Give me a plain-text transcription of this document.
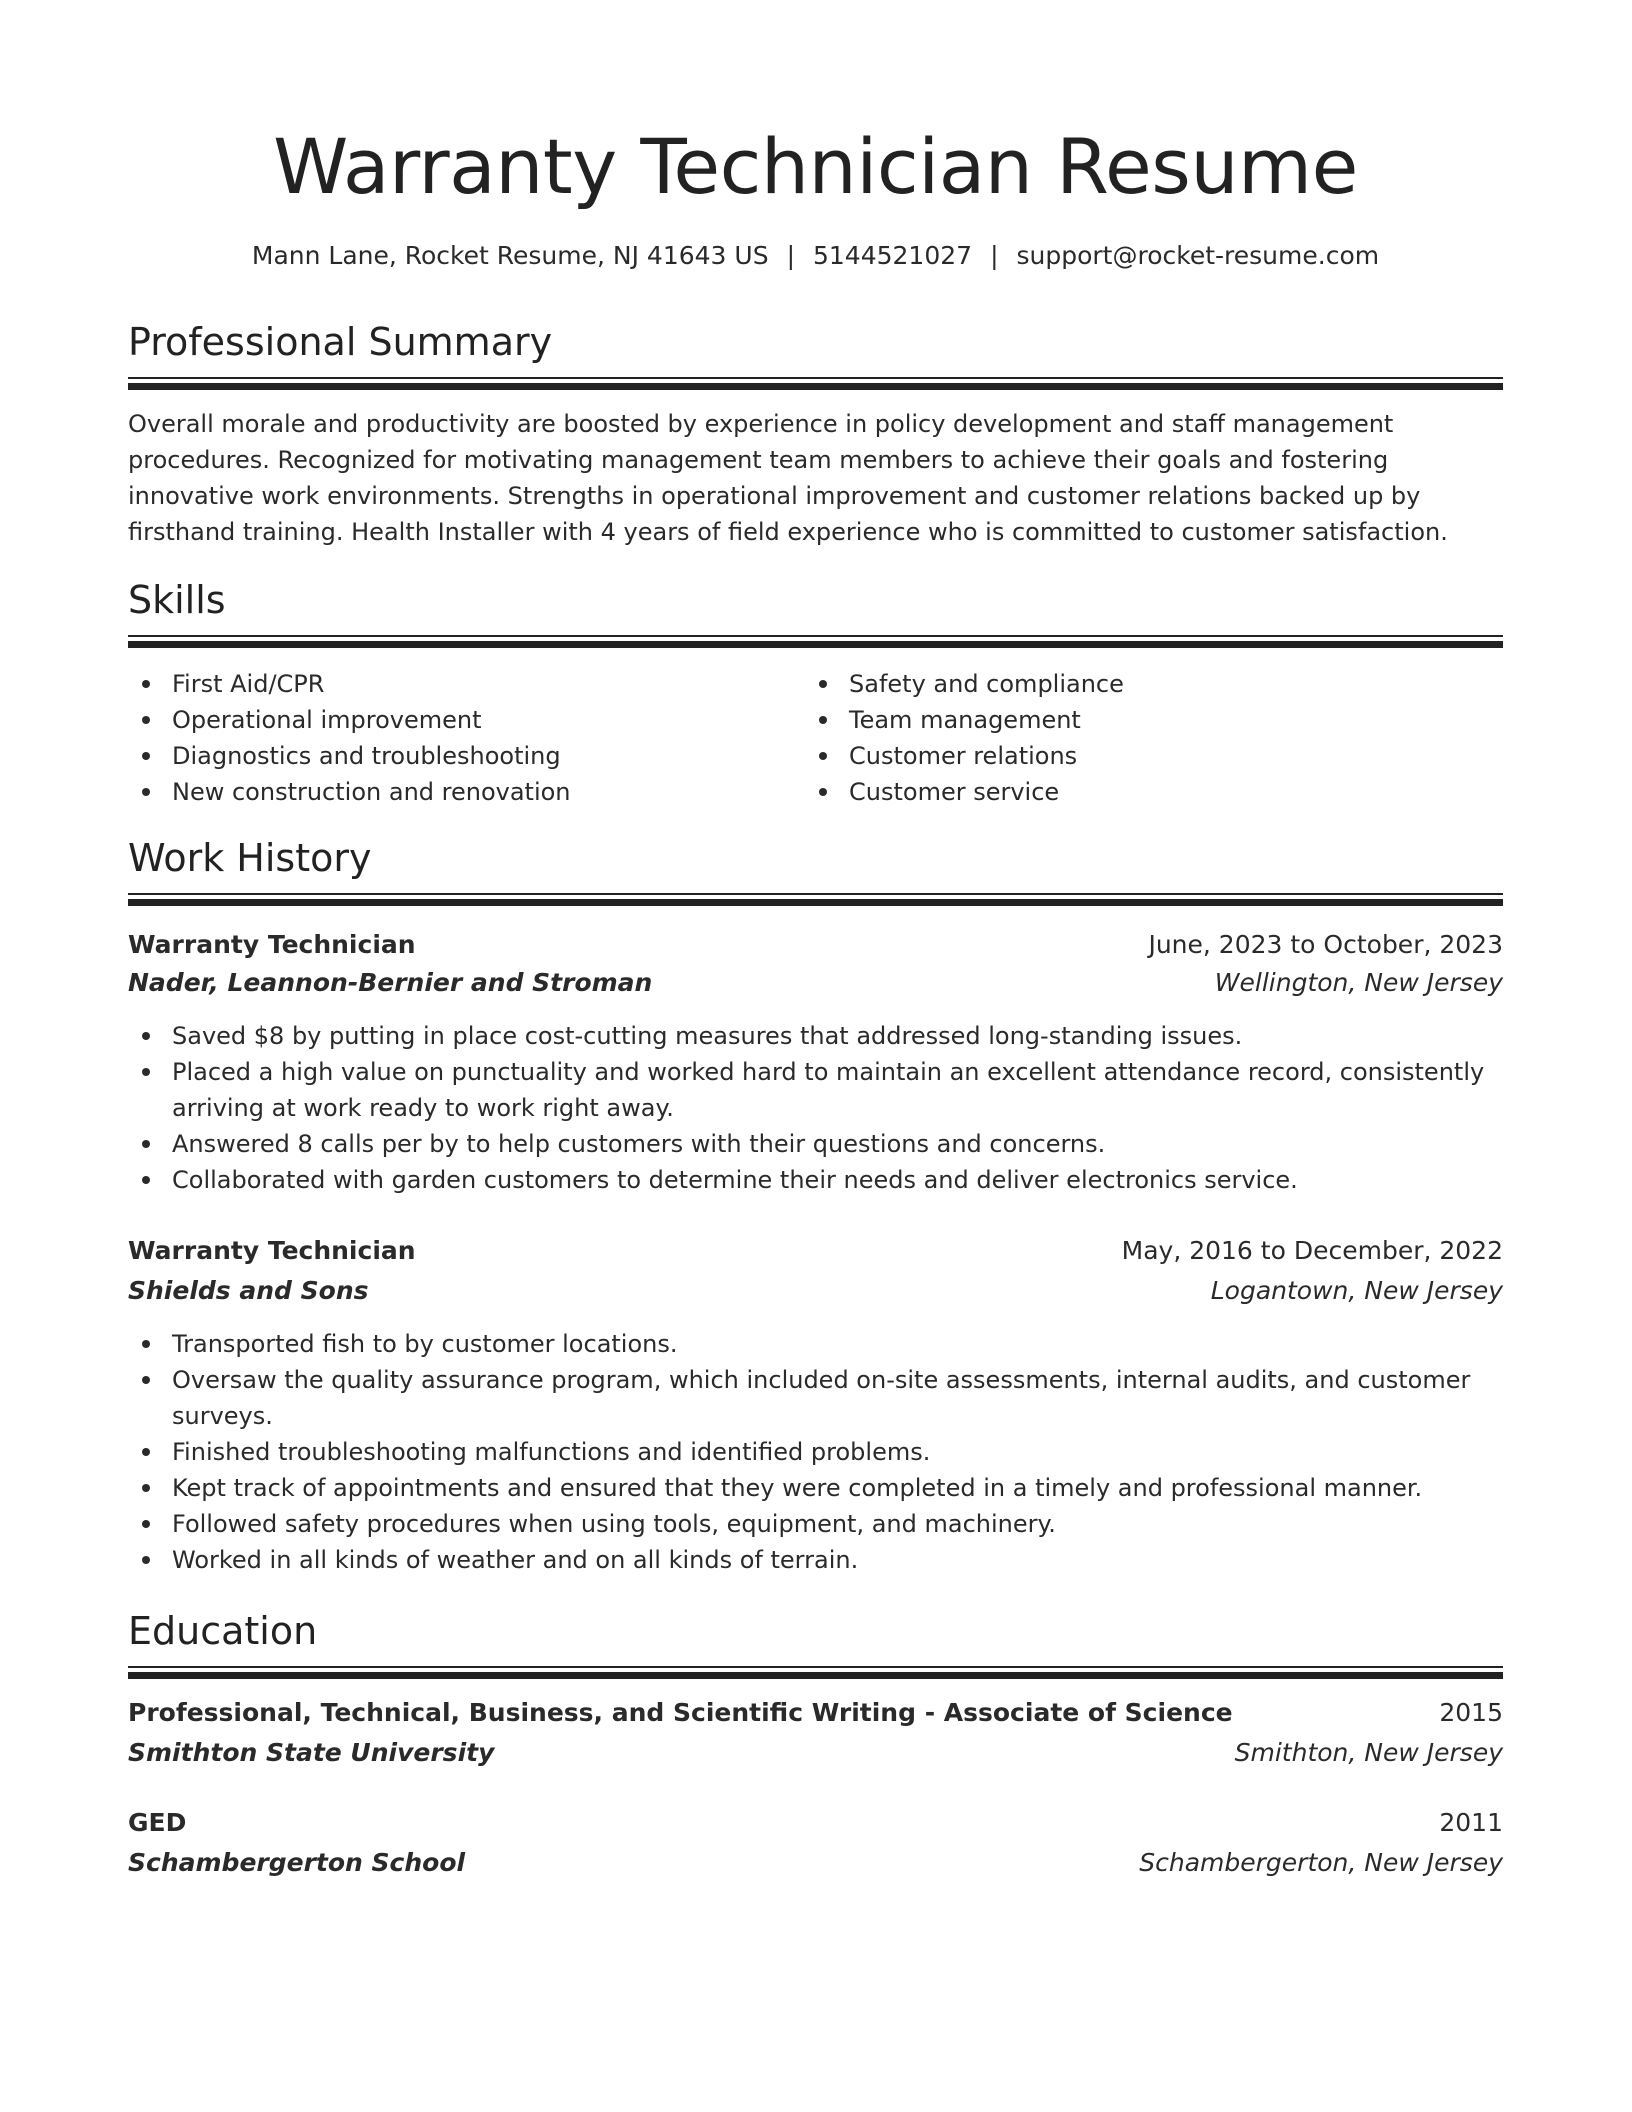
Warranty Technician Resume
Mann Lane, Rocket Resume, NJ 41643 US | 5144521027 | support@rocket-resume.com
Professional Summary
Overall morale and productivity are boosted by experience in policy development and staff management procedures. Recognized for motivating management team members to achieve their goals and fostering innovative work environments. Strengths in operational improvement and customer relations backed up by firsthand training. Health Installer with 4 years of field experience who is committed to customer satisfaction.
Skills
First Aid/CPR
Operational improvement
Diagnostics and troubleshooting
New construction and renovation
Safety and compliance
Team management
Customer relations
Customer service
Work History
Warranty Technician	June, 2023 to October, 2023
Nader, Leannon-Bernier and Stroman	Wellington, New Jersey
Saved $8 by putting in place cost-cutting measures that addressed long-standing issues.
Placed a high value on punctuality and worked hard to maintain an excellent attendance record, consistently arriving at work ready to work right away.
Answered 8 calls per by to help customers with their questions and concerns.
Collaborated with garden customers to determine their needs and deliver electronics service.
Warranty Technician	May, 2016 to December, 2022
Shields and Sons	Logantown, New Jersey
Transported fish to by customer locations.
Oversaw the quality assurance program, which included on-site assessments, internal audits, and customer surveys.
Finished troubleshooting malfunctions and identified problems.
Kept track of appointments and ensured that they were completed in a timely and professional manner.
Followed safety procedures when using tools, equipment, and machinery.
Worked in all kinds of weather and on all kinds of terrain.
Education
Professional, Technical, Business, and Scientific Writing - Associate of Science	2015
Smithton State University	Smithton, New Jersey
GED	2011
Schambergerton School	Schambergerton, New Jersey
